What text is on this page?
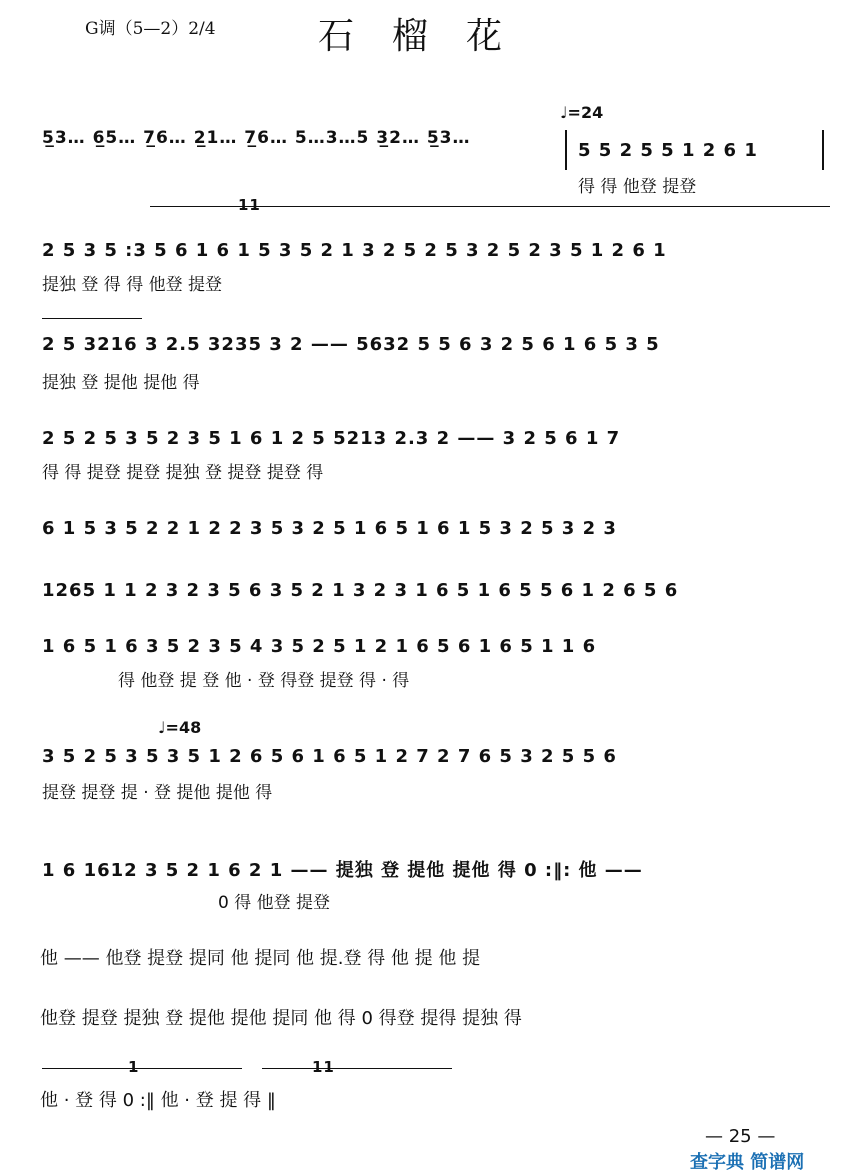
G调（5—2）2/4	石榴花
♩=24
♩=48
5̲3… 6̲5… 7̲6… 2̲1… 7̲6… 5…3…5 3̲2… 5̲3…
5 5 2 5 5 1 2 6 1
得 得 他登 提登
11
2 5 3 5 :3 5 6 1 6 1 5 3 5 2 1 3 2 5 2 5 3 2 5 2 3 5 1 2 6 1
提独 登 得 得 他登 提登
2 5 3216 3 2.5 3235 3 2 —— 5632 5 5 6 3 2 5 6 1 6 5 3 5
提独 登 提他 提他 得
2 5 2 5 3 5 2 3 5 1 6 1 2 5 5213 2.3 2 —— 3 2 5 6 1 7
得 得 提登 提登 提独 登 提登 提登 得
6 1 5 3 5 2 2 1 2 2 3 5 3 2 5 1 6 5 1 6 1 5 3 2 5 3 2 3
1265 1 1 2 3 2 3 5 6 3 5 2 1 3 2 3 1 6 5 1 6 5 5 6 1 2 6 5 6
1 6 5 1 6 3 5 2 3 5 4 3 5 2 5 1 2 1 6 5 6 1 6 5 1 1 6
得 他登 提 登 他 · 登 得登 提登 得 · 得
3 5 2 5 3 5 3 5 1 2 6 5 6 1 6 5 1 2 7 2 7 6 5 3 2 5 5 6
提登 提登 提 · 登 提他 提他 得
1 6 1612 3 5 2 1 6 2 1 —— 提独 登 提他 提他 得 0 :‖: 他 ——
0 得 他登 提登
他 —— 他登 提登 提同 他 提同 他 提.登 得 他 提 他 提
他登 提登 提独 登 提他 提他 提同 他 得 0 得登 提得 提独 得
1	11
他 · 登 得 0 :‖ 他 · 登 提 得 ‖
— 25 —
查字典 简谱网
